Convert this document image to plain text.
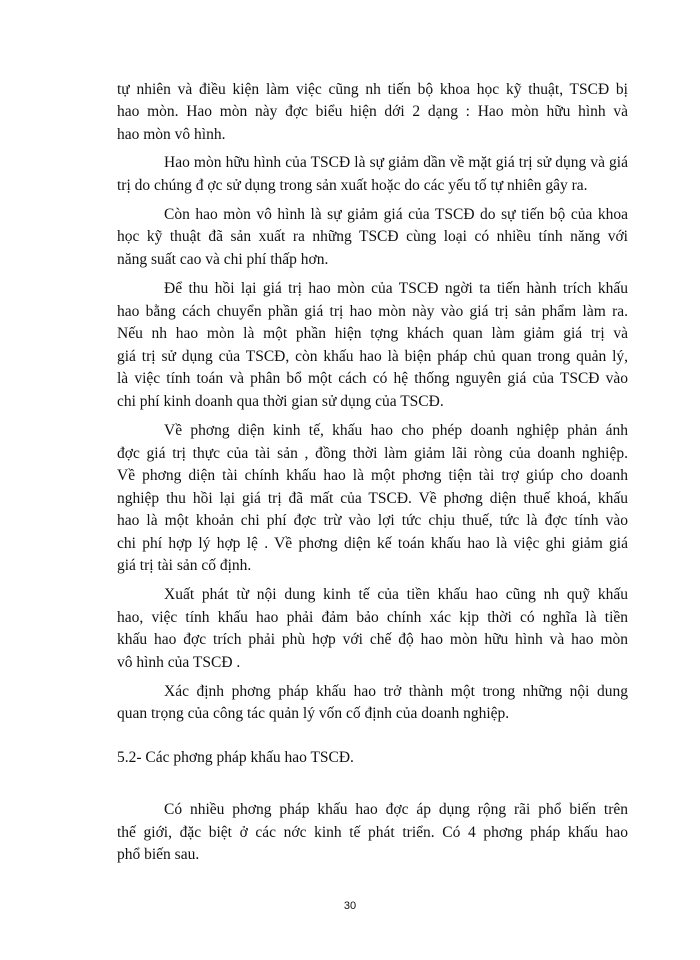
5.2- Các phơng pháp khấu hao TSCĐ.
30
tự nhiên và điều kiện làm việc cũng nh tiến bộ khoa học kỹ thuật, TSCĐ bị
hao mòn. Hao mòn này đợc biểu hiện dới 2 dạng : Hao mòn hữu hình và
hao mòn vô hình.
Hao mòn hữu hình của TSCĐ là sự giảm dần về mặt giá trị sử dụng và giá
trị do chúng đ ợc sử dụng trong sản xuất hoặc do các yếu tố tự nhiên gây ra.
Còn hao mòn vô hình là sự giảm giá của TSCĐ do sự tiến bộ của khoa
học kỹ thuật đã sản xuất ra những TSCĐ cùng loại có nhiều tính năng với
năng suất cao và chi phí thấp hơn.
Để thu hồi lại giá trị hao mòn của TSCĐ ngời ta tiến hành trích khấu
hao bằng cách chuyển phần giá trị hao mòn này vào giá trị sản phẩm làm ra.
Nếu nh hao mòn là một phần hiện tợng khách quan làm giảm giá trị và
giá trị sử dụng của TSCĐ, còn khấu hao là biện pháp chủ quan trong quản lý,
là việc tính toán và phân bổ một cách có hệ thống nguyên giá của TSCĐ vào
chi phí kinh doanh qua thời gian sử dụng của TSCĐ.
Về phơng diện kinh tế, khấu hao cho phép doanh nghiệp phản ánh
đợc giá trị thực của tài sản , đồng thời làm giảm lãi ròng của doanh nghiệp.
Về phơng diện tài chính khấu hao là một phơng tiện tài trợ giúp cho doanh
nghiệp thu hồi lại giá trị đã mất của TSCĐ. Về phơng diện thuế khoá, khấu
hao là một khoản chi phí đợc trừ vào lợi tức chịu thuế, tức là đợc tính vào
chi phí hợp lý hợp lệ . Về phơng diện kế toán khấu hao là việc ghi giảm giá
giá trị tài sản cố định.
Xuất phát từ nội dung kinh tế của tiền khấu hao cũng nh quỹ khấu
hao, việc tính khấu hao phải đảm bảo chính xác kịp thời có nghĩa là tiền
khấu hao đợc trích phải phù hợp với chế độ hao mòn hữu hình và hao mòn
vô hình của TSCĐ .
Xác định phơng pháp khấu hao trở thành một trong những nội dung
quan trọng của công tác quản lý vốn cố định của doanh nghiệp.
Có nhiều phơng pháp khấu hao đợc áp dụng rộng rãi phổ biến trên
thế giới, đặc biệt ở các nớc kinh tế phát triển. Có 4 phơng pháp khấu hao
phổ biến sau.
